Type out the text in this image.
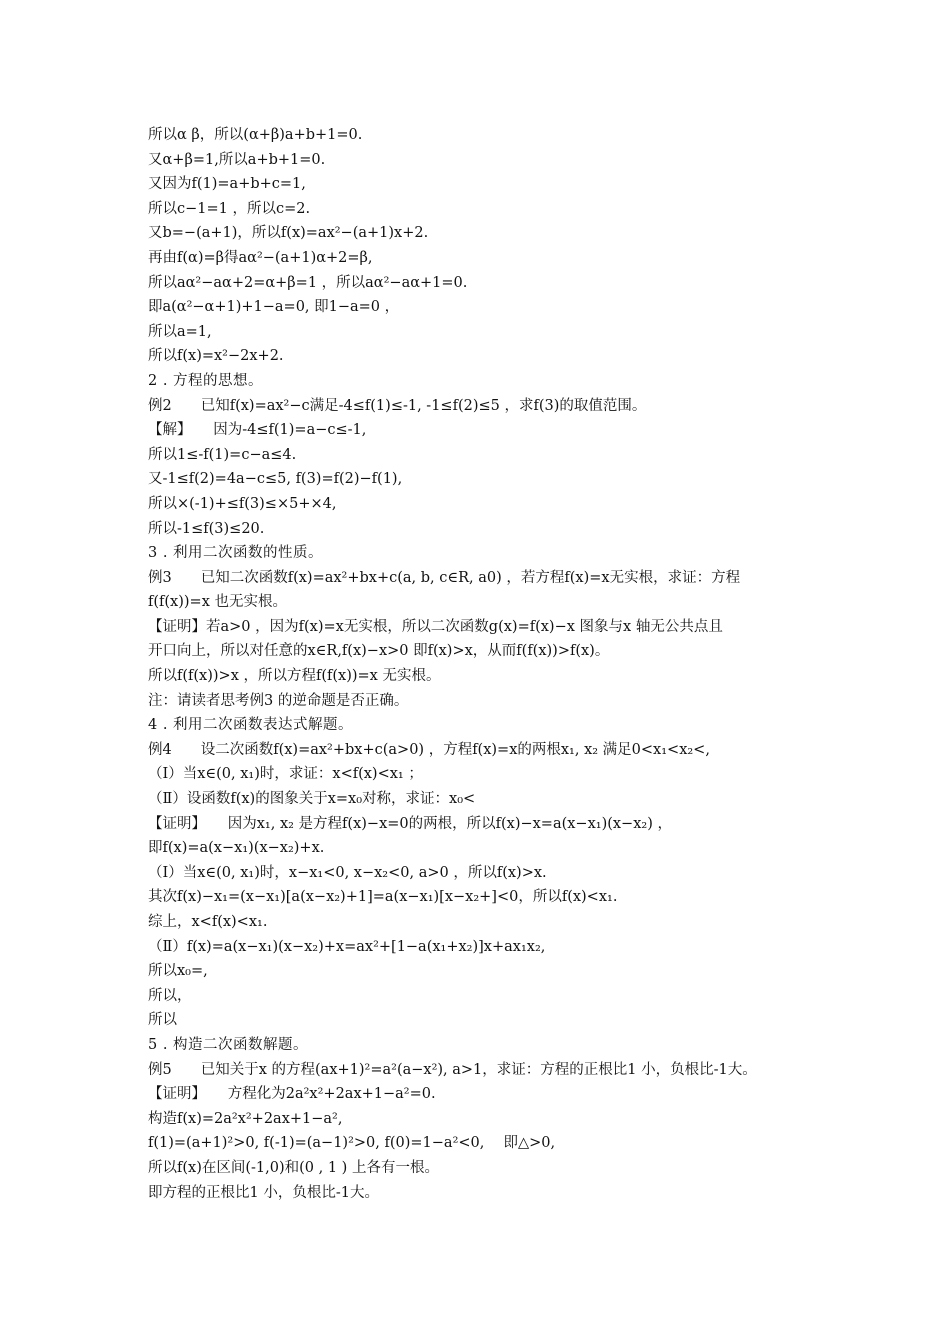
所以α β，所以(α+β)a+b+1=0.
又α+β=1,所以a+b+1=0.
又因为f(1)=a+b+c=1,
所以c−1=1 ，所以c=2.
又b=−(a+1)，所以f(x)=ax²−(a+1)x+2.
再由f(α)=β得aα²−(a+1)α+2=β,
所以aα²−aα+2=α+β=1 ，所以aα²−aα+1=0.
即a(α²−α+1)+1−a=0, 即1−a=0 ，
所以a=1,
所以f(x)=x²−2x+2.
2 . 方程的思想。
例2　　已知f(x)=ax²−c满足-4≤f(1)≤-1, -1≤f(2)≤5 ，求f(3)的取值范围。
【解】　　因为-4≤f(1)=a−c≤-1,
所以1≤-f(1)=c−a≤4.
又-1≤f(2)=4a−c≤5, f(3)=f(2)−f(1),
所以×(-1)+≤f(3)≤×5+×4,
所以-1≤f(3)≤20.
3 . 利用二次函数的性质。
例3　　已知二次函数f(x)=ax²+bx+c(a, b, c∈R, a0) ，若方程f(x)=x无实根，求证：方程
f(f(x))=x 也无实根。
【证明】若a>0 ，因为f(x)=x无实根，所以二次函数g(x)=f(x)−x 图象与x 轴无公共点且
开口向上，所以对任意的x∈R,f(x)−x>0 即f(x)>x，从而f(f(x))>f(x)。
所以f(f(x))>x ，所以方程f(f(x))=x 无实根。
注：请读者思考例3 的逆命题是否正确。
4 . 利用二次函数表达式解题。
例4　　设二次函数f(x)=ax²+bx+c(a>0) ，方程f(x)=x的两根x₁, x₂ 满足0<x₁<x₂<,
（Ⅰ）当x∈(0, x₁)时，求证：x<f(x)<x₁ ；
（Ⅱ）设函数f(x)的图象关于x=x₀对称，求证：x₀<
【证明】　　因为x₁, x₂ 是方程f(x)−x=0的两根，所以f(x)−x=a(x−x₁)(x−x₂) ，
即f(x)=a(x−x₁)(x−x₂)+x.
（Ⅰ）当x∈(0, x₁)时，x−x₁<0, x−x₂<0, a>0 ，所以f(x)>x.
其次f(x)−x₁=(x−x₁)[a(x−x₂)+1]=a(x−x₁)[x−x₂+]<0，所以f(x)<x₁.
综上，x<f(x)<x₁.
（Ⅱ）f(x)=a(x−x₁)(x−x₂)+x=ax²+[1−a(x₁+x₂)]x+ax₁x₂,
所以x₀=,
所以，
所以
5 . 构造二次函数解题。
例5　　已知关于x 的方程(ax+1)²=a²(a−x²), a>1，求证：方程的正根比1 小，负根比-1大。
【证明】　　方程化为2a²x²+2ax+1−a²=0.
构造f(x)=2a²x²+2ax+1−a²,
f(1)=(a+1)²>0, f(-1)=(a−1)²>0, f(0)=1−a²<0, 　即△>0,
所以f(x)在区间(-1,0)和(0 , 1 ) 上各有一根。
即方程的正根比1 小，负根比-1大。
